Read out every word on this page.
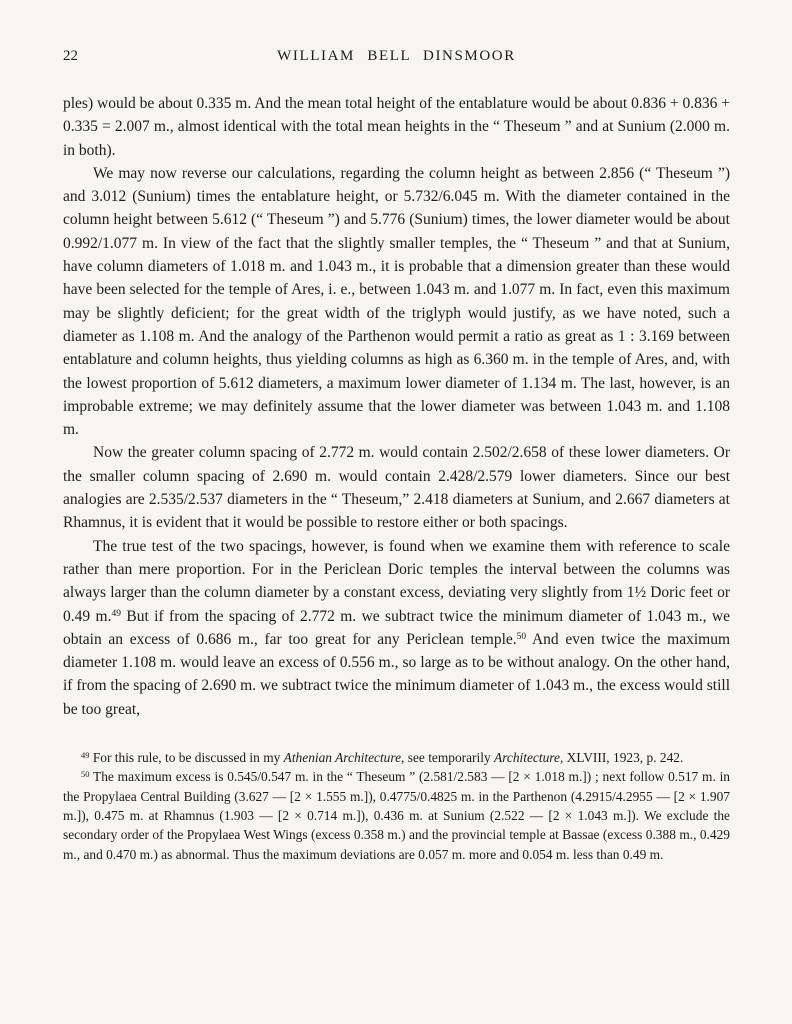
22	WILLIAM BELL DINSMOOR

ples) would be about 0.335 m. And the mean total height of the entablature would be about 0.836 + 0.836 + 0.335 = 2.007 m., almost identical with the total mean heights in the “ Theseum ” and at Sunium (2.000 m. in both).

We may now reverse our calculations, regarding the column height as between 2.856 (“ Theseum ”) and 3.012 (Sunium) times the entablature height, or 5.732/6.045 m. With the diameter contained in the column height between 5.612 (“ Theseum ”) and 5.776 (Sunium) times, the lower diameter would be about 0.992/1.077 m. In view of the fact that the slightly smaller temples, the “ Theseum ” and that at Sunium, have column diameters of 1.018 m. and 1.043 m., it is probable that a dimension greater than these would have been selected for the temple of Ares, i. e., between 1.043 m. and 1.077 m. In fact, even this maximum may be slightly deficient; for the great width of the triglyph would justify, as we have noted, such a diameter as 1.108 m. And the analogy of the Parthenon would permit a ratio as great as 1 : 3.169 between entablature and column heights, thus yielding columns as high as 6.360 m. in the temple of Ares, and, with the lowest proportion of 5.612 diameters, a maximum lower diameter of 1.134 m. The last, however, is an improbable extreme; we may definitely assume that the lower diameter was between 1.043 m. and 1.108 m.

Now the greater column spacing of 2.772 m. would contain 2.502/2.658 of these lower diameters. Or the smaller column spacing of 2.690 m. would contain 2.428/2.579 lower diameters. Since our best analogies are 2.535/2.537 diameters in the “ Theseum,” 2.418 diameters at Sunium, and 2.667 diameters at Rhamnus, it is evident that it would be possible to restore either or both spacings.

The true test of the two spacings, however, is found when we examine them with reference to scale rather than mere proportion. For in the Periclean Doric temples the interval between the columns was always larger than the column diameter by a constant excess, deviating very slightly from 1½ Doric feet or 0.49 m.$^{49}$ But if from the spacing of 2.772 m. we subtract twice the minimum diameter of 1.043 m., we obtain an excess of 0.686 m., far too great for any Periclean temple.$^{50}$ And even twice the maximum diameter 1.108 m. would leave an excess of 0.556 m., so large as to be without analogy. On the other hand, if from the spacing of 2.690 m. we subtract twice the minimum diameter of 1.043 m., the excess would still be too great,

$^{49}$ For this rule, to be discussed in my Athenian Architecture, see temporarily Architecture, XLVIII, 1923, p. 242.

$^{50}$ The maximum excess is 0.545/0.547 m. in the “ Theseum ” (2.581/2.583 — [2 × 1.018 m.]) ; next follow 0.517 m. in the Propylaea Central Building (3.627 — [2 × 1.555 m.]), 0.4775/0.4825 m. in the Parthenon (4.2915/4.2955 — [2 × 1.907 m.]), 0.475 m. at Rhamnus (1.903 — [2 × 0.714 m.]), 0.436 m. at Sunium (2.522 — [2 × 1.043 m.]). We exclude the secondary order of the Propylaea West Wings (excess 0.358 m.) and the provincial temple at Bassae (excess 0.388 m., 0.429 m., and 0.470 m.) as abnormal. Thus the maximum deviations are 0.057 m. more and 0.054 m. less than 0.49 m.
